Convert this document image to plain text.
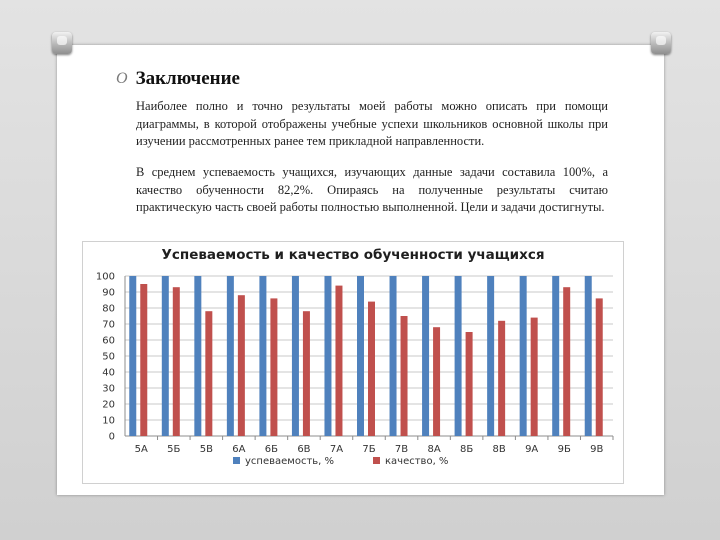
O Заключение
Наиболее полно и точно результаты моей работы можно описать при помощи диаграммы, в которой отображены учебные успехи школьников основной школы при изучении рассмотренных ранее тем прикладной направленности.
В среднем успеваемость учащихся, изучающих данные задачи составила 100%, а качество обученности 82,2%. Опираясь на полученные результаты считаю практическую часть своей работы полностью выполненной. Цели и задачи достигнуты.
Успеваемость и качество обученности учащихся
0
10
20
30
40
50
60
70
80
90
100
5А 5Б 5В 6А 6Б 6В 7А 7Б 7В 8А 8Б 8В 9А 9Б 9В
успеваемость, %	качество, %
